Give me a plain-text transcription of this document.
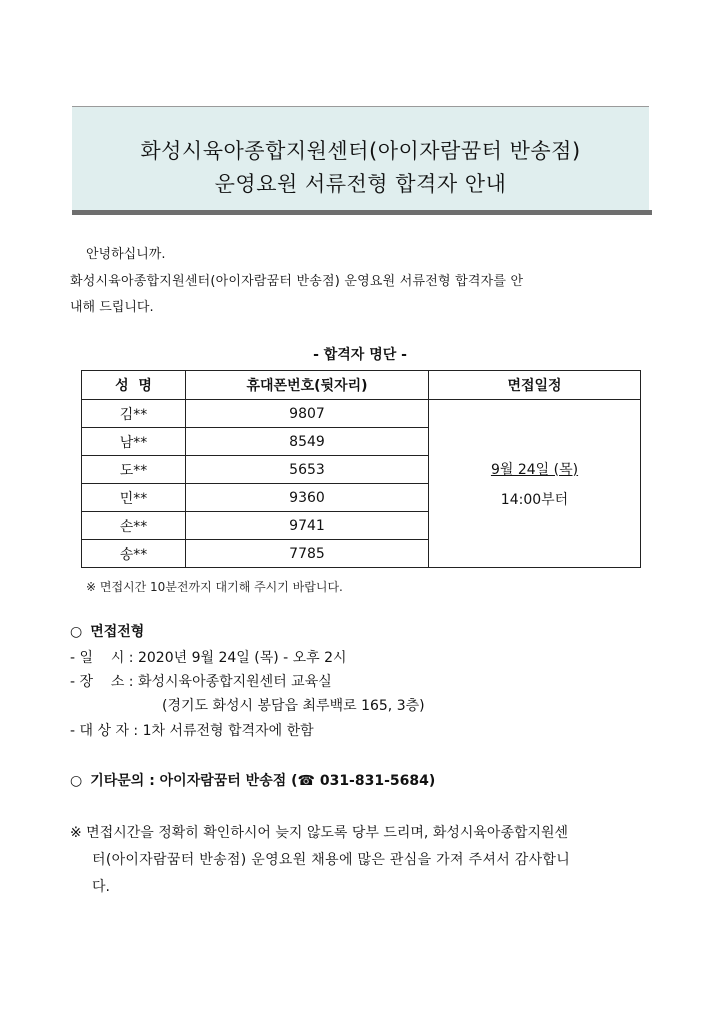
화성시육아종합지원센터(아이자람꿈터 반송점)
운영요원 서류전형 합격자 안내
안녕하십니까.
화성시육아종합지원센터(아이자람꿈터 반송점) 운영요원 서류전형 합격자를 안
내해 드립니다.
- 합격자 명단 -
성  명	휴대폰번호(뒷자리)	면접일정
김**	9807	9월 24일 (목)
14:00부터
남**	8549	
도**	5653	
민**	9360	
손**	9741	
송**	7785	
※ 면접시간 10분전까지 대기해 주시기 바랍니다.
○ 면접전형
- 일    시 : 2020년 9월 24일 (목) - 오후 2시
- 장    소 : 화성시육아종합지원센터 교육실
(경기도 화성시 봉담읍 최루백로 165, 3층)
- 대 상 자 : 1차 서류전형 합격자에 한함
○ 기타문의 : 아이자람꿈터 반송점 (☎ 031-831-5684)
※ 면접시간을 정확히 확인하시어 늦지 않도록 당부 드리며, 화성시육아종합지원센
터(아이자람꿈터 반송점) 운영요원 채용에 많은 관심을 가져 주셔서 감사합니
다.
